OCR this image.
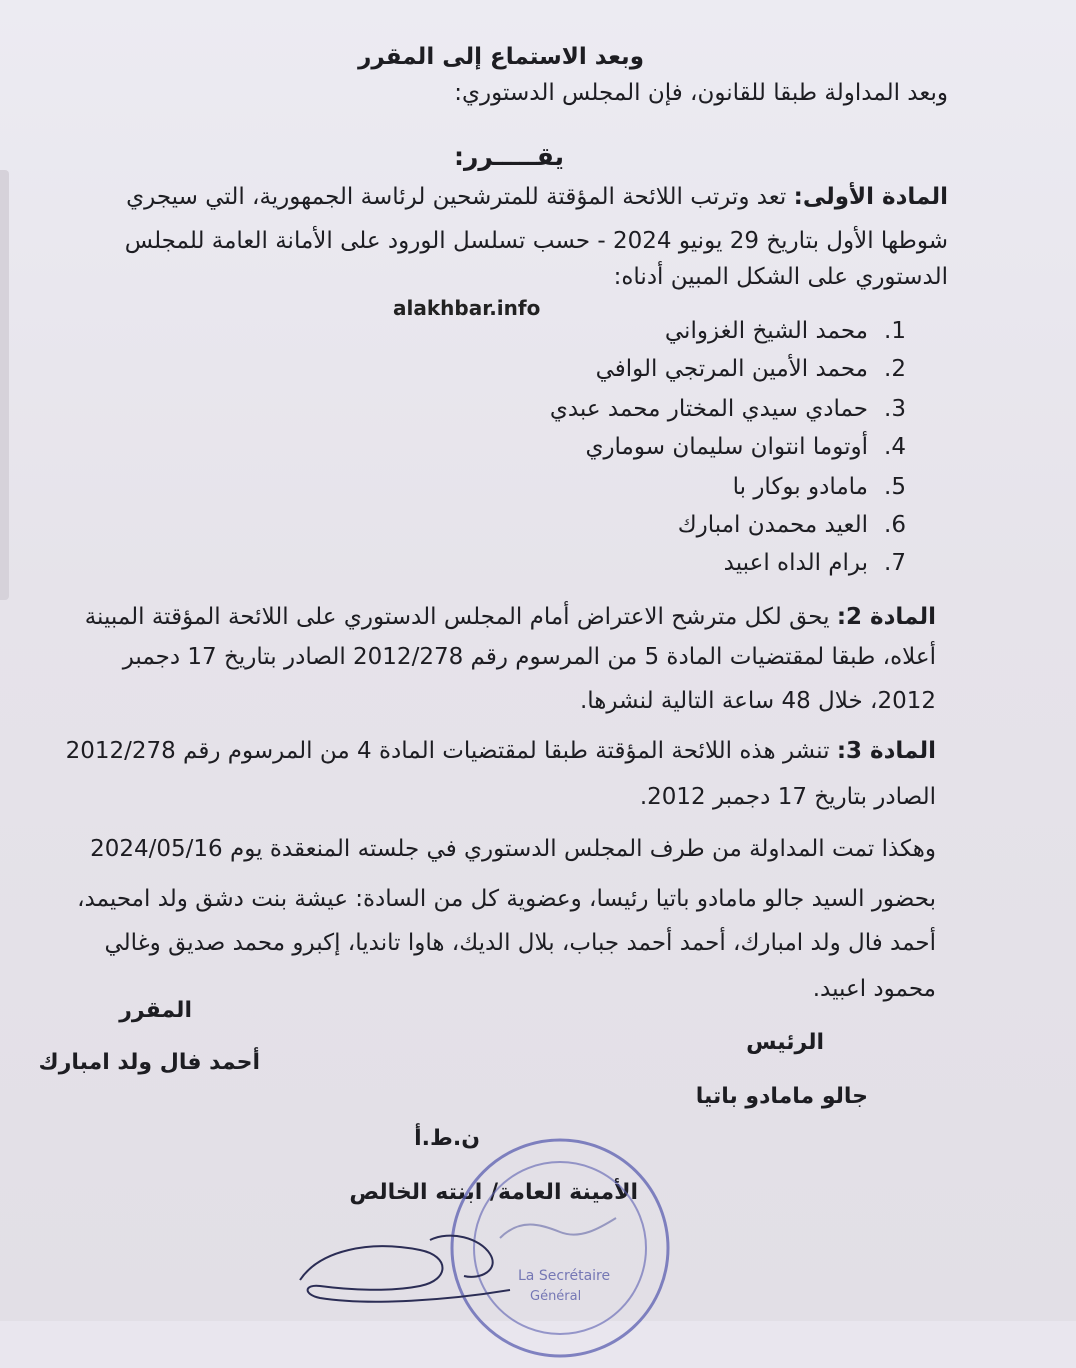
وبعد الاستماع إلى المقرر
وبعد المداولة طبقا للقانون، فإن المجلس الدستوري:
يقـــــرر:
المادة الأولى: تعد وترتب اللائحة المؤقتة للمترشحين لرئاسة الجمهورية، التي سيجري
شوطها الأول بتاريخ 29 يونيو 2024 - حسب تسلسل الورود على الأمانة العامة للمجلس
الدستوري على الشكل المبين أدناه:
alakhbar.info
1.محمد الشيخ الغزواني
2.محمد الأمين المرتجي الوافي
3.حمادي سيدي المختار محمد عبدي
4.أوتوما انتوان سليمان سوماري
5.مامادو بوكار با
6.العيد محمدن امبارك
7.برام الداه اعبيد
المادة 2: يحق لكل مترشح الاعتراض أمام المجلس الدستوري على اللائحة المؤقتة المبينة
أعلاه، طبقا لمقتضيات المادة 5 من المرسوم رقم 2012/278 الصادر بتاريخ 17 دجمبر
2012، خلال 48 ساعة التالية لنشرها.
المادة 3: تنشر هذه اللائحة المؤقتة طبقا لمقتضيات المادة 4 من المرسوم رقم 2012/278
الصادر بتاريخ 17 دجمبر 2012.
وهكذا تمت المداولة من طرف المجلس الدستوري في جلسته المنعقدة يوم 2024/05/16
بحضور السيد جالو مامادو باتيا رئيسا، وعضوية كل من السادة: عيشة بنت دشق ولد امحيمد،
أحمد فال ولد امبارك، أحمد أحمد جباب، بلال الديك، هاوا تانديا، إكبرو محمد صديق وغالي
محمود اعبيد.
المقرر
أحمد فال ولد امبارك
الرئيس
جالو مامادو باتيا
ن.ط.أ
الأمينة العامة/ ابنته الخالص
La Secrétaire
Général
